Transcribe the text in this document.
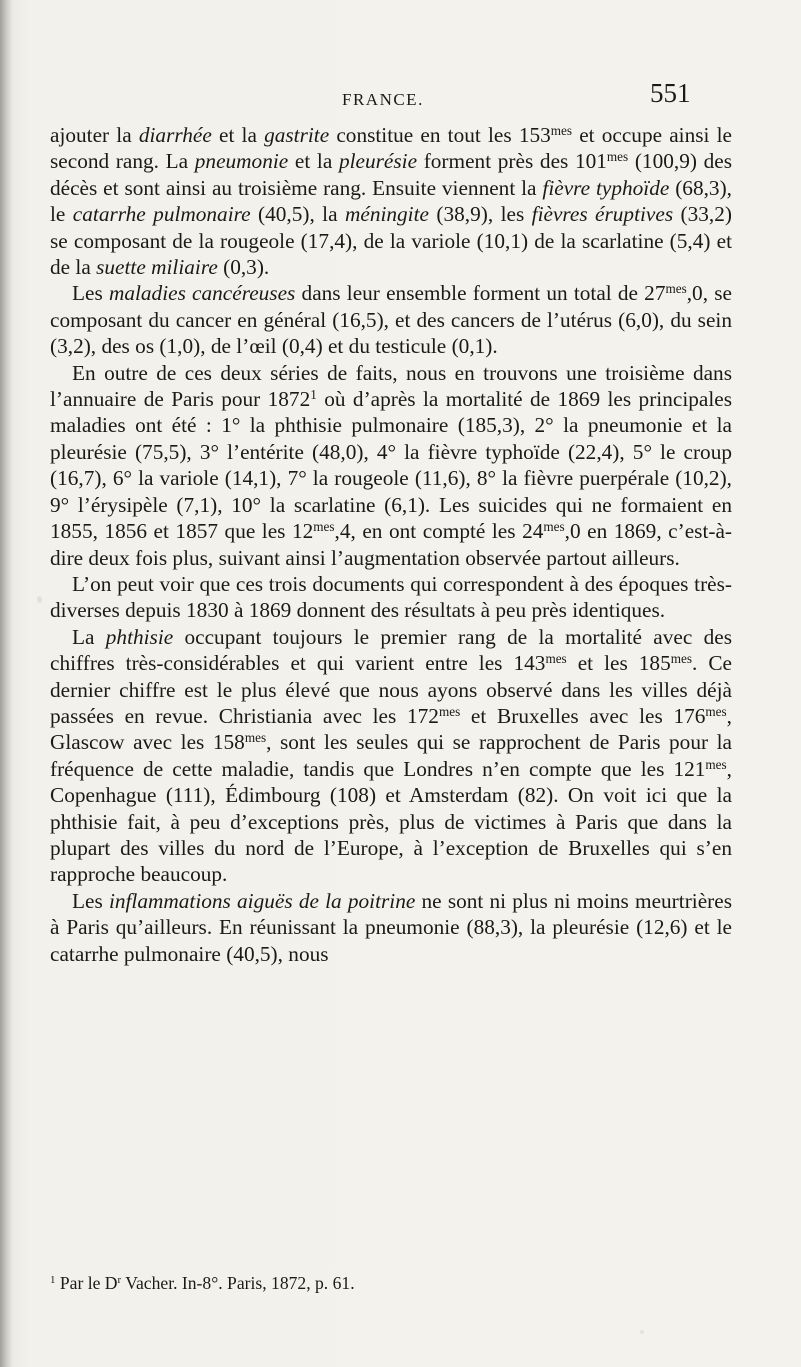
FRANCE.	551

ajouter la diarrhée et la gastrite constitue en tout les $153^{mes}$ et occupe ainsi le second rang. La pneumonie et la pleurésie forment près des $101^{mes}$ (100,9) des décès et sont ainsi au troisième rang. Ensuite viennent la fièvre typhoïde (68,3), le catarrhe pulmonaire (40,5), la méningite (38,9), les fièvres éruptives (33,2) se composant de la rougeole (17,4), de la variole (10,1) de la scarlatine (5,4) et de la suette miliaire (0,3).

Les maladies cancéreuses dans leur ensemble forment un total de $27^{mes},0$, se composant du cancer en général (16,5), et des cancers de l’utérus (6,0), du sein (3,2), des os (1,0), de l’œil (0,4) et du testicule (0,1).

En outre de ces deux séries de faits, nous en trouvons une troisième dans l’annuaire de Paris pour 1872$^1$ où d’après la mortalité de 1869 les principales maladies ont été : 1° la phthisie pulmonaire (185,3), 2° la pneumonie et la pleurésie (75,5), 3° l’entérite (48,0), 4° la fièvre typhoïde (22,4), 5° le croup (16,7), 6° la variole (14,1), 7° la rougeole (11,6), 8° la fièvre puerpérale (10,2), 9° l’érysipèle (7,1), 10° la scarlatine (6,1). Les suicides qui ne formaient en 1855, 1856 et 1857 que les $12^{mes},4$, en ont compté les $24^{mes},0$ en 1869, c’est-à-dire deux fois plus, suivant ainsi l’augmentation observée partout ailleurs.

L’on peut voir que ces trois documents qui correspondent à des époques très-diverses depuis 1830 à 1869 donnent des résultats à peu près identiques.

La phthisie occupant toujours le premier rang de la mortalité avec des chiffres très-considérables et qui varient entre les $143^{mes}$ et les $185^{mes}$. Ce dernier chiffre est le plus élevé que nous ayons observé dans les villes déjà passées en revue. Christiania avec les $172^{mes}$ et Bruxelles avec les $176^{mes}$, Glascow avec les $158^{mes}$, sont les seules qui se rapprochent de Paris pour la fréquence de cette maladie, tandis que Londres n’en compte que les $121^{mes}$, Copenhague (111), Édimbourg (108) et Amsterdam (82). On voit ici que la phthisie fait, à peu d’exceptions près, plus de victimes à Paris que dans la plupart des villes du nord de l’Europe, à l’exception de Bruxelles qui s’en rapproche beaucoup.

Les inflammations aiguës de la poitrine ne sont ni plus ni moins meurtrières à Paris qu’ailleurs. En réunissant la pneumonie (88,3), la pleurésie (12,6) et le catarrhe pulmonaire (40,5), nous

$^1$ Par le $D^r$ Vacher. In-8°. Paris, 1872, p. 61.
